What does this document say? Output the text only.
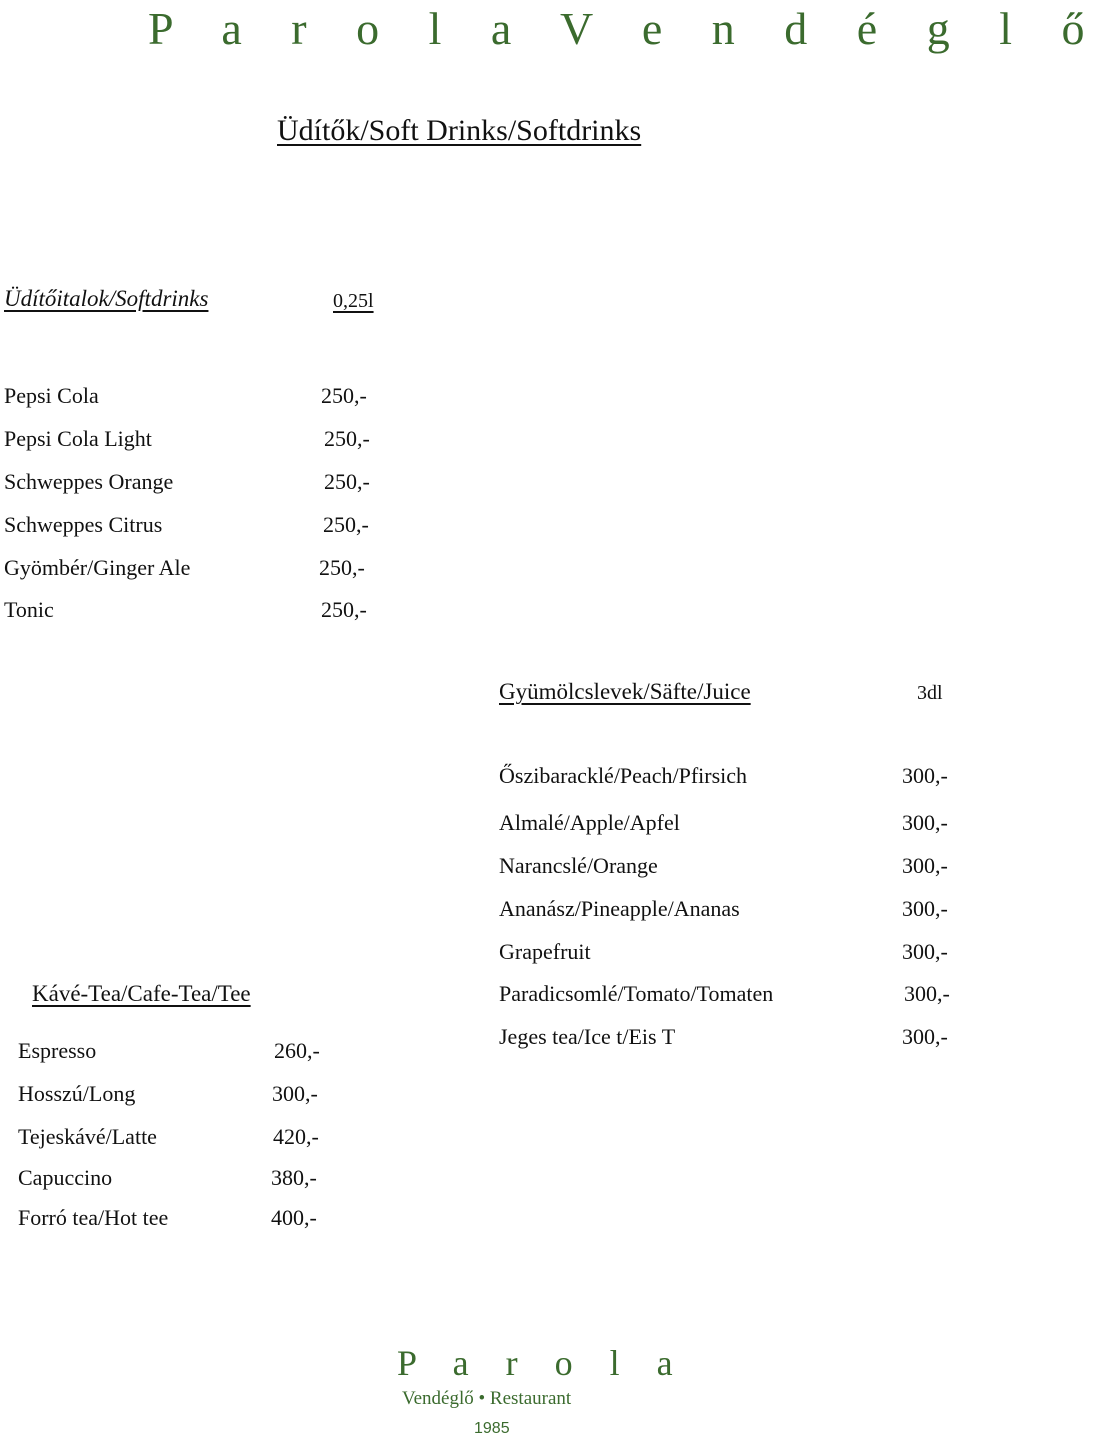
P a r o l a V e n d é g l ő
Üdítők/Soft Drinks/Softdrinks
Üdítőitalok/Softdrinks	0,25l
Pepsi Cola	250,-
Pepsi Cola Light	250,-
Schweppes Orange	250,-
Schweppes Citrus	250,-
Gyömbér/Ginger Ale	250,-
Tonic	250,-
Gyümölcslevek/Säfte/Juice	3dl
Őszibaracklé/Peach/Pfirsich	300,-
Almalé/Apple/Apfel	300,-
Narancslé/Orange	300,-
Ananász/Pineapple/Ananas	300,-
Grapefruit	300,-
Paradicsomlé/Tomato/Tomaten	300,-
Jeges tea/Ice t/Eis T	300,-
Kávé-Tea/Cafe-Tea/Tee
Espresso	260,-
Hosszú/Long	300,-
Tejeskávé/Latte	420,-
Capuccino	380,-
Forró tea/Hot tee	400,-
P a r o l a
Vendéglő • Restaurant
1985
